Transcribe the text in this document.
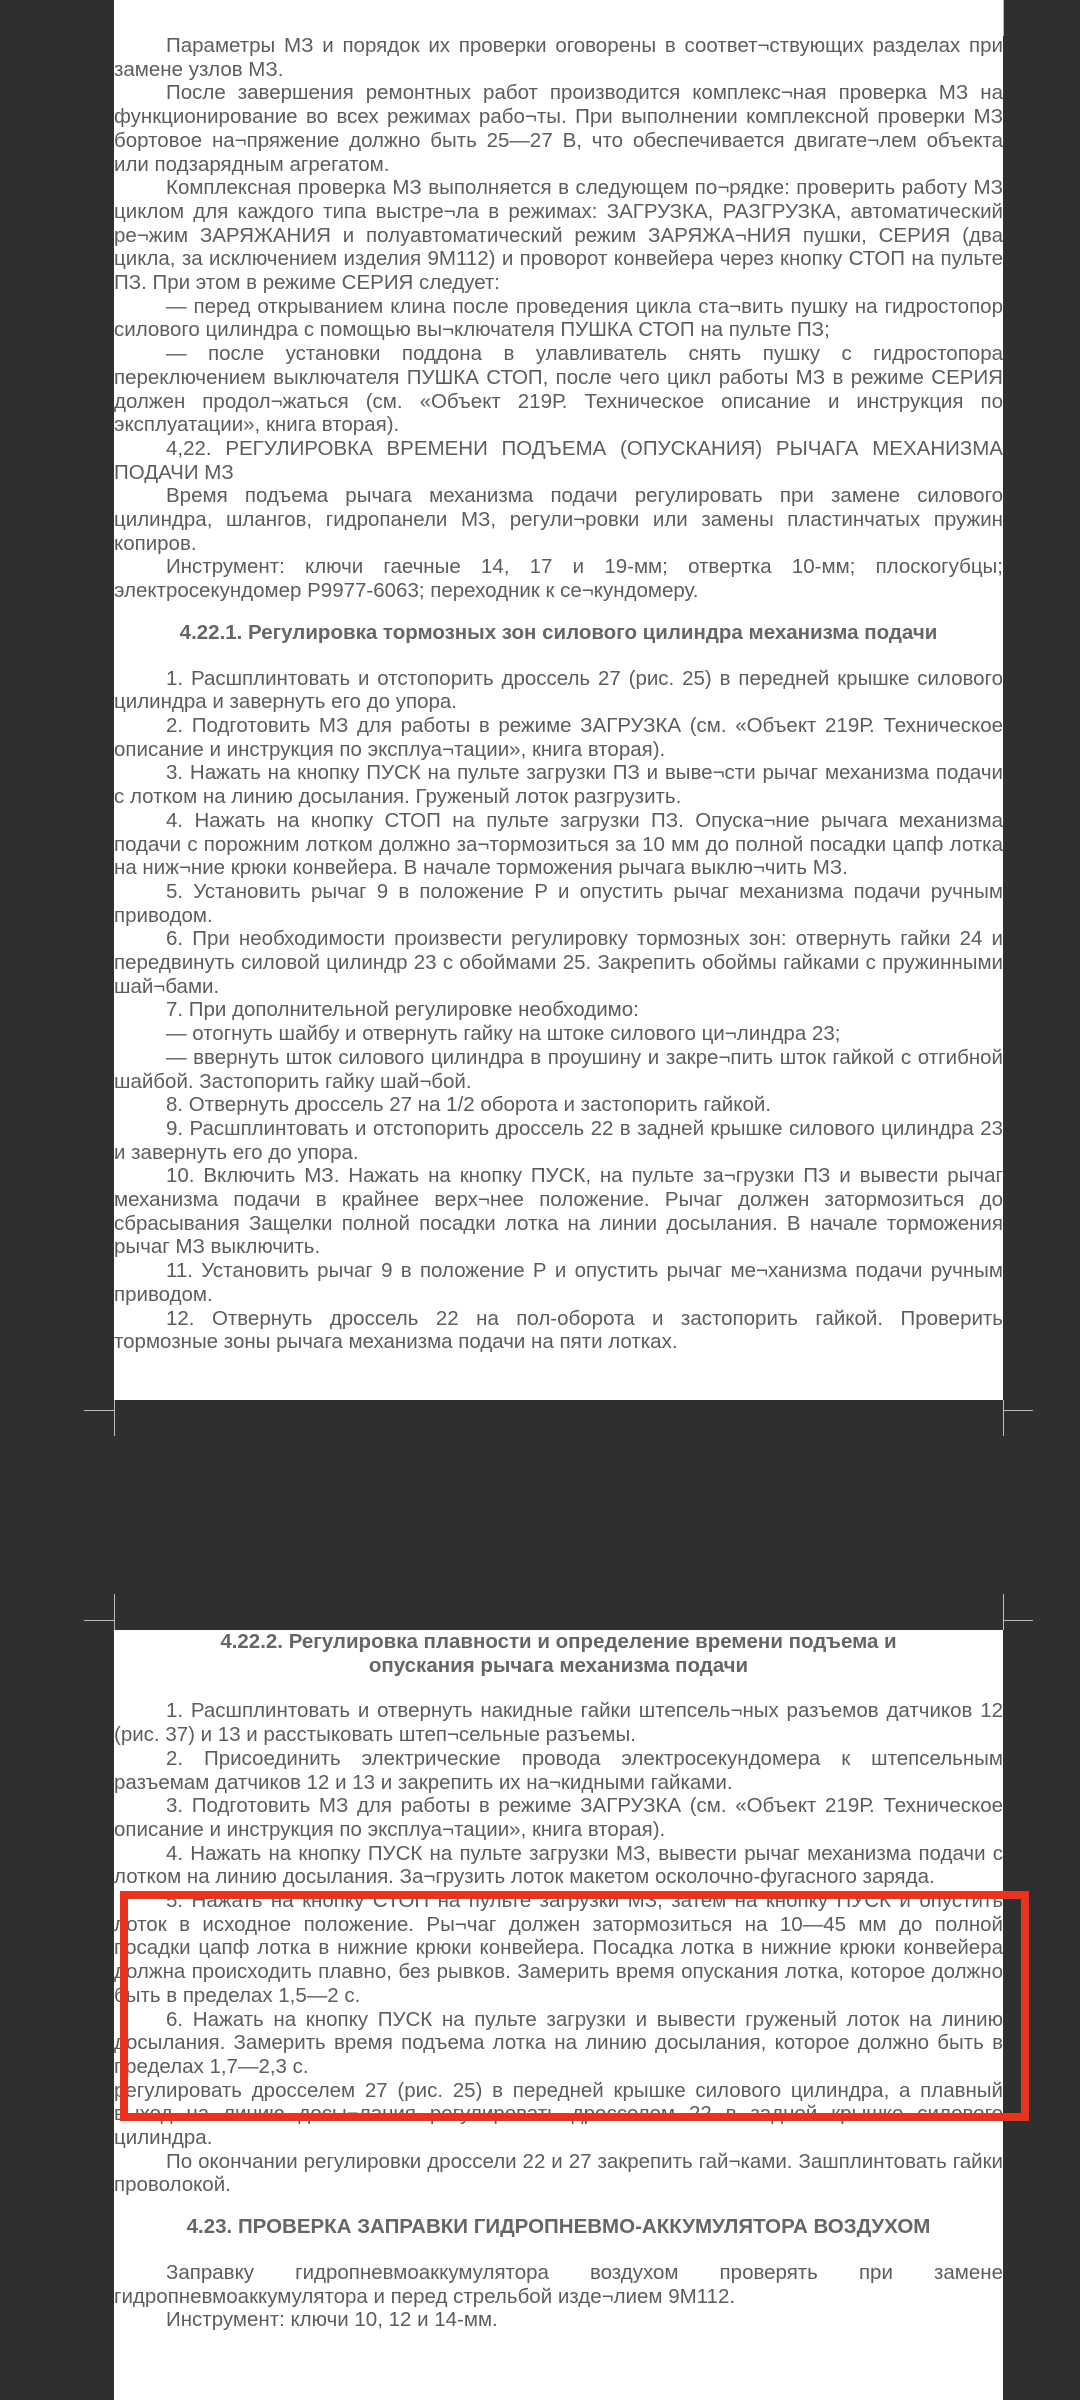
Параметры МЗ и порядок их проверки оговорены в соответ¬ствующих разделах при замене узлов МЗ.

После завершения ремонтных работ производится комплекс¬ная проверка МЗ на функционирование во всех режимах рабо¬ты. При выполнении комплексной проверки МЗ бортовое на¬пряжение должно быть 25—27 В, что обеспечивается двигате¬лем объекта или подзарядным агрегатом.

Комплексная проверка МЗ выполняется в следующем по¬рядке: проверить работу МЗ циклом для каждого типа выстре¬ла в режимах: ЗАГРУЗКА, РАЗГРУЗКА, автоматический ре¬жим ЗАРЯЖАНИЯ и полуавтоматический режим ЗАРЯЖА¬НИЯ пушки, СЕРИЯ (два цикла, за исключением изделия 9М112) и проворот конвейера через кнопку СТОП на пульте ПЗ. При этом в режиме СЕРИЯ следует:

— перед открыванием клина после проведения цикла ста¬вить пушку на гидростопор силового цилиндра с помощью вы¬ключателя ПУШКА СТОП на пульте ПЗ;

— после установки поддона в улавливатель снять пушку с гидростопора переключением выключателя ПУШКА СТОП, после чего цикл работы МЗ в режиме СЕРИЯ должен продол¬жаться (см. «Объект 219Р. Техническое описание и инструкция по эксплуатации», книга вторая).

4,22. РЕГУЛИРОВКА ВРЕМЕНИ ПОДЪЕМА (ОПУСКАНИЯ) РЫЧАГА МЕХАНИЗМА ПОДАЧИ МЗ

Время подъема рычага механизма подачи регулировать при замене силового цилиндра, шлангов, гидропанели МЗ, регули¬ровки или замены пластинчатых пружин копиров.

Инструмент: ключи гаечные 14, 17 и 19-мм; отвертка 10-мм; плоскогубцы; электросекундомер Р9977-6063; переходник к се¬кундомеру.

4.22.1. Регулировка тормозных зон силового цилиндра механизма подачи

1. Расшплинтовать и отстопорить дроссель 27 (рис. 25) в передней крышке силового цилиндра и завернуть его до упора.

2. Подготовить МЗ для работы в режиме ЗАГРУЗКА (см. «Объект 219Р. Техническое описание и инструкция по эксплуа¬тации», книга вторая).

3. Нажать на кнопку ПУСК на пульте загрузки ПЗ и выве¬сти рычаг механизма подачи с лотком на линию досылания. Груженый лоток разгрузить.

4. Нажать на кнопку СТОП на пульте загрузки ПЗ. Опуска¬ние рычага механизма подачи с порожним лотком должно за¬тормозиться за 10 мм до полной посадки цапф лотка на ниж¬ние крюки конвейера. В начале торможения рычага выклю¬чить МЗ.

5. Установить рычаг 9 в положение Р и опустить рычаг механизма подачи ручным приводом.

6. При необходимости произвести регулировку тормозных зон: отвернуть гайки 24 и передвинуть силовой цилиндр 23 с обоймами 25. Закрепить обоймы гайками с пружинными шай¬бами.

7. При дополнительной регулировке необходимо:

— отогнуть шайбу и отвернуть гайку на штоке силового ци¬линдра 23;

— ввернуть шток силового цилиндра в проушину и закре¬пить шток гайкой с отгибной шайбой. Застопорить гайку шай¬бой.

8. Отвернуть дроссель 27 на 1/2 оборота и застопорить гайкой.

9. Расшплинтовать и отстопорить дроссель 22 в задней крышке силового цилиндра 23 и завернуть его до упора.

10. Включить МЗ. Нажать на кнопку ПУСК, на пульте за¬грузки ПЗ и вывести рычаг механизма подачи в крайнее верх¬нее положение. Рычаг должен затормозиться до сбрасывания Защелки полной посадки лотка на линии досылания. В начале торможения рычаг МЗ выключить.

11. Установить рычаг 9 в положение Р и опустить рычаг ме¬ханизма подачи ручным приводом.

12. Отвернуть дроссель 22 на пол-оборота и застопорить гайкой. Проверить тормозные зоны рычага механизма подачи на пяти лотках.

4.22.2. Регулировка плавности и определение времени подъема и опускания рычага механизма подачи

1. Расшплинтовать и отвернуть накидные гайки штепсель¬ных разъемов датчиков 12 (рис. 37) и 13 и расстыковать штеп¬сельные разъемы.

2. Присоединить электрические провода электросекундомера к штепсельным разъемам датчиков 12 и 13 и закрепить их на¬кидными гайками.

3. Подготовить МЗ для работы в режиме ЗАГРУЗКА (см. «Объект 219Р. Техническое описание и инструкция по эксплуа¬тации», книга вторая).

4. Нажать на кнопку ПУСК на пульте загрузки МЗ, вывести рычаг механизма подачи с лотком на линию досылания. За¬грузить лоток макетом осколочно-фугасного заряда.

5. Нажать на кнопку СТОП на пульте загрузки МЗ, затем на кнопку ПУСК и опустить лоток в исходное положение. Ры¬чаг должен затормозиться на 10—45 мм до полной посадки цапф лотка в нижние крюки конвейера. Посадка лотка в нижние крюки конвейера должна происходить плавно, без рывков. Замерить время опускания лотка, которое должно быть в пределах 1,5—2 с.

6. Нажать на кнопку ПУСК на пульте загрузки и вывести груженый лоток на линию досылания. Замерить время подъема лотка на линию досылания, которое должно быть в пределах 1,7—2,3 с.

регулировать дросселем 27 (рис. 25) в передней крышке силового цилиндра, а плавный выход на линию досы¬лания регулировать дросселем 22 в задней крышке силового цилиндра.

По окончании регулировки дроссели 22 и 27 закрепить гай¬ками. Зашплинтовать гайки проволокой.

4.23. ПРОВЕРКА ЗАПРАВКИ ГИДРОПНЕВМО-АККУМУЛЯТОРА ВОЗДУХОМ

Заправку гидропневмоаккумулятора воздухом проверять при замене гидропневмоаккумулятора и перед стрельбой изде¬лием 9М112.

Инструмент: ключи 10, 12 и 14-мм.
